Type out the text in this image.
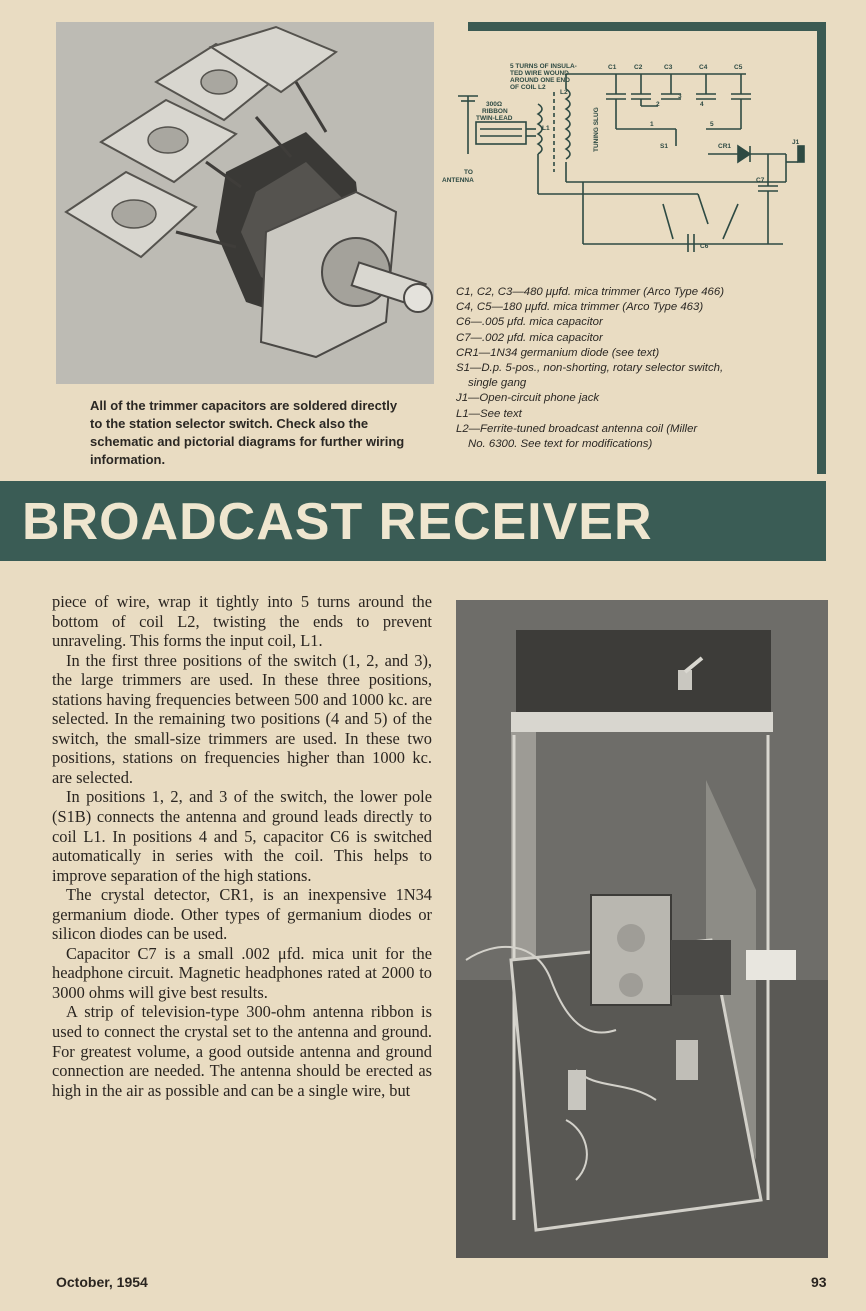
All of the trimmer capacitors are soldered directly to the station selector switch. Check also the schematic and pictorial diagrams for further wiring information.
5 TURNS OF INSULA-
TED WIRE WOUND
AROUND ONE END
OF COIL L2
300Ω
RIBBON
TWIN-LEAD
TO
ANTENNA
TUNING SLUG
L1
L2
C1	C2	C3	C4	C5
C6
C7
S1	CR1
J1
1
2
3
4
5
C1, C2, C3—480 μμfd. mica trimmer (Arco Type 466)
C4, C5—180 μμfd. mica trimmer (Arco Type 463)
C6—.005 μfd. mica capacitor
C7—.002 μfd. mica capacitor
CR1—1N34 germanium diode (see text)
S1—D.p. 5-pos., non-shorting, rotary selector switch,
single gang
J1—Open-circuit phone jack
L1—See text
L2—Ferrite-tuned broadcast antenna coil (Miller
No. 6300. See text for modifications)
BROADCAST RECEIVER

piece of wire, wrap it tightly into 5 turns around the bottom of coil L2, twisting the ends to prevent unraveling. This forms the input coil, L1.

In the first three positions of the switch (1, 2, and 3), the large trimmers are used. In these three positions, stations having frequencies between 500 and 1000 kc. are selected. In the remaining two positions (4 and 5) of the switch, the small-size trimmers are used. In these two positions, stations on frequencies higher than 1000 kc. are selected.

In positions 1, 2, and 3 of the switch, the lower pole (S1B) connects the antenna and ground leads directly to coil L1. In positions 4 and 5, capacitor C6 is switched automatically in series with the coil. This helps to improve separation of the high stations.

The crystal detector, CR1, is an inexpensive 1N34 germanium diode. Other types of germanium diodes or silicon diodes can be used.

Capacitor C7 is a small .002 μfd. mica unit for the headphone circuit. Magnetic headphones rated at 2000 to 3000 ohms will give best results.

A strip of television-type 300-ohm antenna ribbon is used to connect the crystal set to the antenna and ground. For greatest volume, a good outside antenna and ground connection are needed. The antenna should be erected as high in the air as possible and can be a single wire, but

October, 1954	93
